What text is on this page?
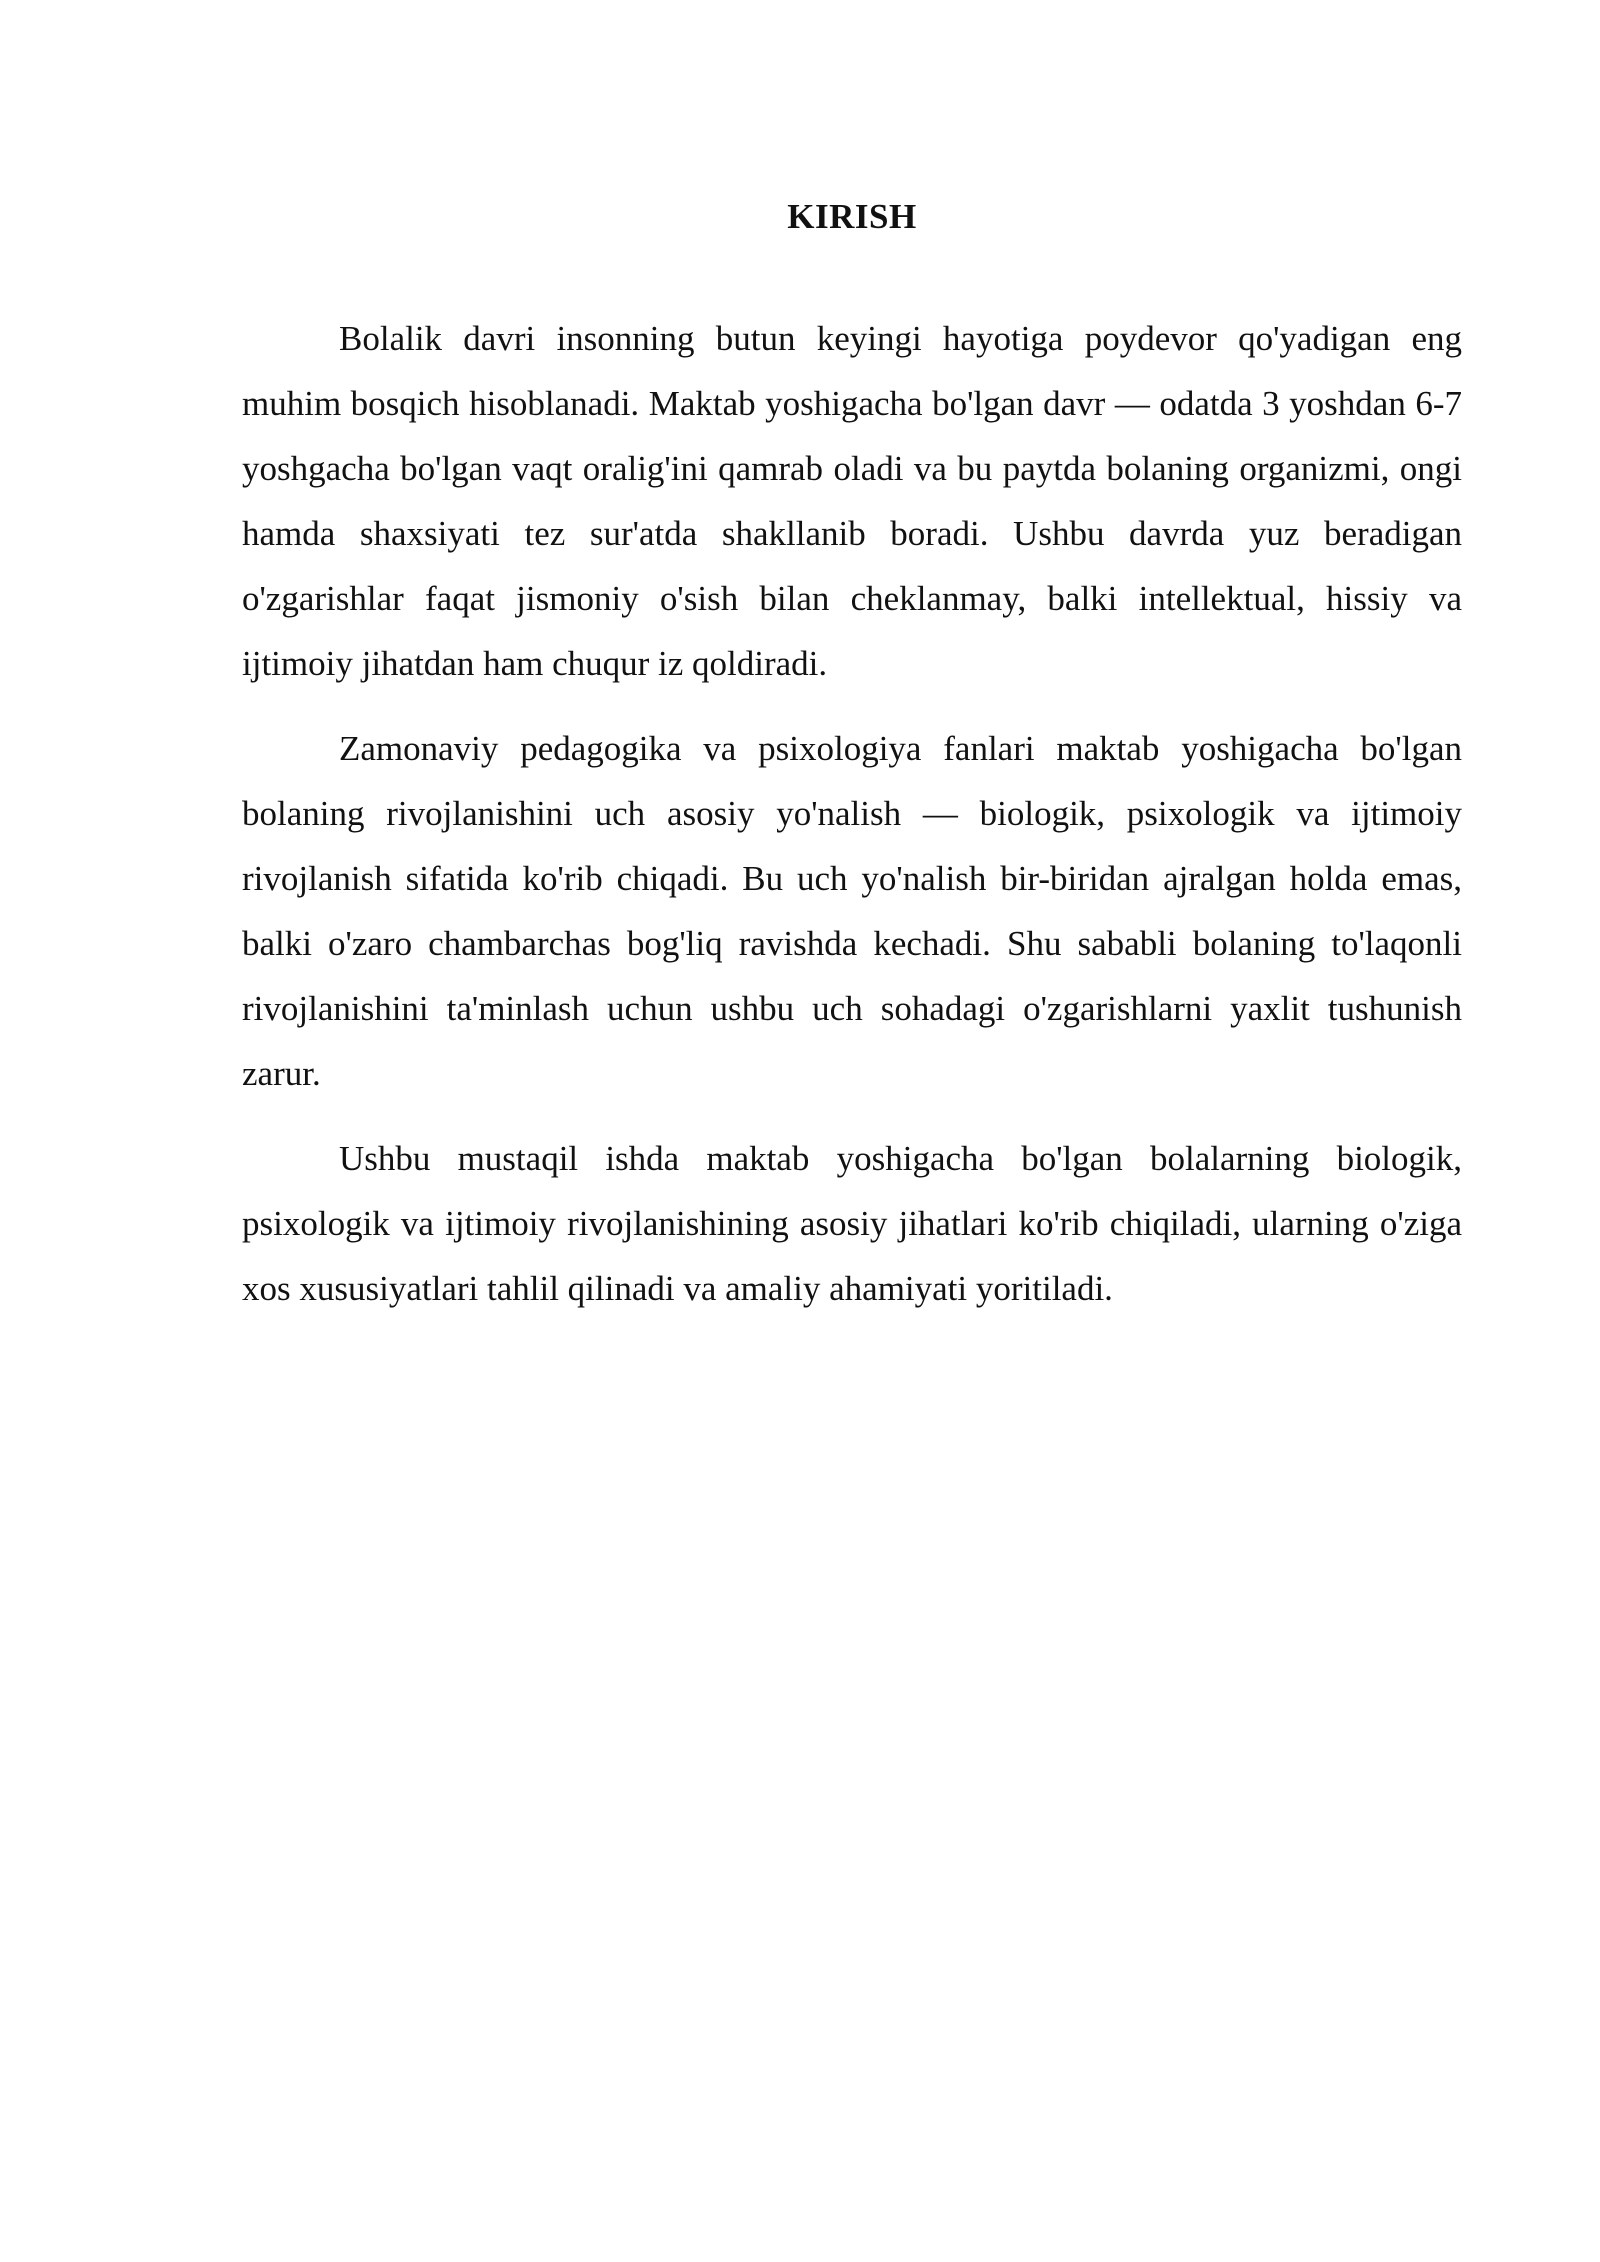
KIRISH

Bolalik davri insonning butun keyingi hayotiga poydevor qo'yadigan eng muhim bosqich hisoblanadi. Maktab yoshigacha bo'lgan davr — odatda 3 yoshdan 6-7 yoshgacha bo'lgan vaqt oralig'ini qamrab oladi va bu paytda bolaning organizmi, ongi hamda shaxsiyati tez sur'atda shakllanib boradi. Ushbu davrda yuz beradigan o'zgarishlar faqat jismoniy o'sish bilan cheklanmay, balki intellektual, hissiy va ijtimoiy jihatdan ham chuqur iz qoldiradi.

Zamonaviy pedagogika va psixologiya fanlari maktab yoshigacha bo'lgan bolaning rivojlanishini uch asosiy yo'nalish — biologik, psixologik va ijtimoiy rivojlanish sifatida ko'rib chiqadi. Bu uch yo'nalish bir-biridan ajralgan holda emas, balki o'zaro chambarchas bog'liq ravishda kechadi. Shu sababli bolaning to'laqonli rivojlanishini ta'minlash uchun ushbu uch sohadagi o'zgarishlarni yaxlit tushunish zarur.

Ushbu mustaqil ishda maktab yoshigacha bo'lgan bolalarning biologik, psixologik va ijtimoiy rivojlanishining asosiy jihatlari ko'rib chiqiladi, ularning o'ziga xos xususiyatlari tahlil qilinadi va amaliy ahamiyati yoritiladi.
